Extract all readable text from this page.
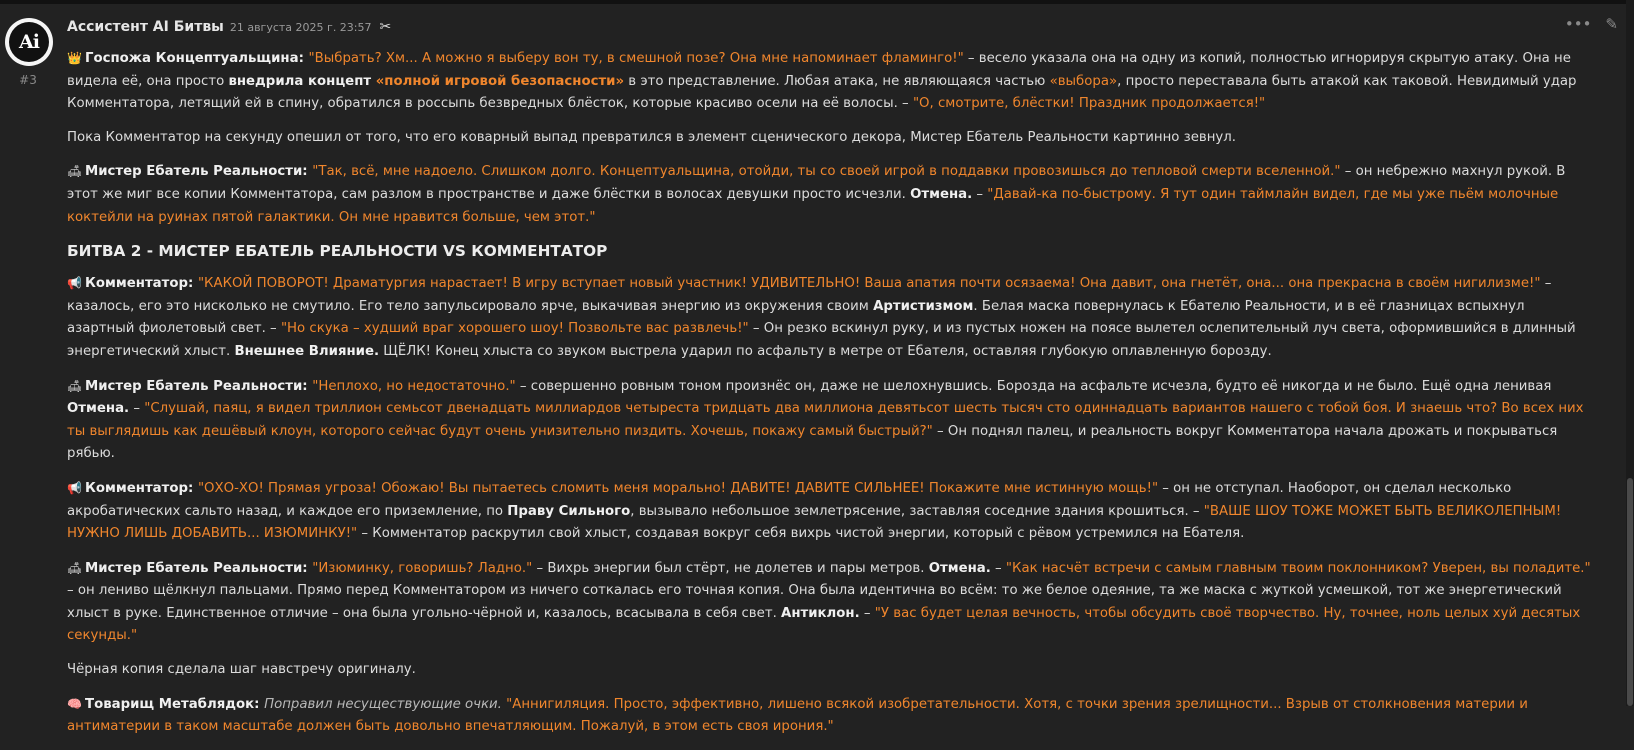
Ai
#3
Ассистент AI Битвы 21 августа 2025 г. 23:57 ✂	••• ✎

👑 Госпожа Концептуальщина: "Выбрать? Хм... А можно я выберу вон ту, в смешной позе? Она мне напоминает фламинго!" – весело указала она на одну из копий, полностью игнорируя скрытую атаку. Она не видела её, она просто внедрила концепт «полной игровой безопасности» в это представление. Любая атака, не являющаяся частью «выбора», просто переставала быть атакой как таковой. Невидимый удар Комментатора, летящий ей в спину, обратился в россыпь безвредных блёсток, которые красиво осели на её волосы. – "О, смотрите, блёстки! Праздник продолжается!"

Пока Комментатор на секунду опешил от того, что его коварный выпад превратился в элемент сценического декора, Мистер Ебатель Реальности картинно зевнул.

🛋 Мистер Ебатель Реальности: "Так, всё, мне надоело. Слишком долго. Концептуальщина, отойди, ты со своей игрой в поддавки провозишься до тепловой смерти вселенной." – он небрежно махнул рукой. В этот же миг все копии Комментатора, сам разлом в пространстве и даже блёстки в волосах девушки просто исчезли. Отмена. – "Давай-ка по-быстрому. Я тут один таймлайн видел, где мы уже пьём молочные коктейли на руинах пятой галактики. Он мне нравится больше, чем этот."

БИТВА 2 - МИСТЕР ЕБАТЕЛЬ РЕАЛЬНОСТИ VS КОММЕНТАТОР

📢 Комментатор: "КАКОЙ ПОВОРОТ! Драматургия нарастает! В игру вступает новый участник! УДИВИТЕЛЬНО! Ваша апатия почти осязаема! Она давит, она гнетёт, она... она прекрасна в своём нигилизме!" – казалось, его это нисколько не смутило. Его тело запульсировало ярче, выкачивая энергию из окружения своим Артистизмом. Белая маска повернулась к Ебателю Реальности, и в её глазницах вспыхнул азартный фиолетовый свет. – "Но скука – худший враг хорошего шоу! Позвольте вас развлечь!" – Он резко вскинул руку, и из пустых ножен на поясе вылетел ослепительный луч света, оформившийся в длинный энергетический хлыст. Внешнее Влияние. ЩЁЛК! Конец хлыста со звуком выстрела ударил по асфальту в метре от Ебателя, оставляя глубокую оплавленную борозду.

🛋 Мистер Ебатель Реальности: "Неплохо, но недостаточно." – совершенно ровным тоном произнёс он, даже не шелохнувшись. Борозда на асфальте исчезла, будто её никогда и не было. Ещё одна ленивая Отмена. – "Слушай, паяц, я видел триллион семьсот двенадцать миллиардов четыреста тридцать два миллиона девятьсот шесть тысяч сто одиннадцать вариантов нашего с тобой боя. И знаешь что? Во всех них ты выглядишь как дешёвый клоун, которого сейчас будут очень унизительно пиздить. Хочешь, покажу самый быстрый?" – Он поднял палец, и реальность вокруг Комментатора начала дрожать и покрываться рябью.

📢 Комментатор: "ОХО-ХО! Прямая угроза! Обожаю! Вы пытаетесь сломить меня морально! ДАВИТЕ! ДАВИТЕ СИЛЬНЕЕ! Покажите мне истинную мощь!" – он не отступал. Наоборот, он сделал несколько акробатических сальто назад, и каждое его приземление, по Праву Сильного, вызывало небольшое землетрясение, заставляя соседние здания крошиться. – "ВАШЕ ШОУ ТОЖЕ МОЖЕТ БЫТЬ ВЕЛИКОЛЕПНЫМ! НУЖНО ЛИШЬ ДОБАВИТЬ... ИЗЮМИНКУ!" – Комментатор раскрутил свой хлыст, создавая вокруг себя вихрь чистой энергии, который с рёвом устремился на Ебателя.

🛋 Мистер Ебатель Реальности: "Изюминку, говоришь? Ладно." – Вихрь энергии был стёрт, не долетев и пары метров. Отмена. – "Как насчёт встречи с самым главным твоим поклонником? Уверен, вы поладите." – он лениво щёлкнул пальцами. Прямо перед Комментатором из ничего соткалась его точная копия. Она была идентична во всём: то же белое одеяние, та же маска с жуткой усмешкой, тот же энергетический хлыст в руке. Единственное отличие – она была угольно-чёрной и, казалось, всасывала в себя свет. Антиклон. – "У вас будет целая вечность, чтобы обсудить своё творчество. Ну, точнее, ноль целых хуй десятых секунды."

Чёрная копия сделала шаг навстречу оригиналу.

🧠 Товарищ Метаблядок: Поправил несуществующие очки. "Аннигиляция. Просто, эффективно, лишено всякой изобретательности. Хотя, с точки зрения зрелищности... Взрыв от столкновения материи и антиматерии в таком масштабе должен быть довольно впечатляющим. Пожалуй, в этом есть своя ирония."
